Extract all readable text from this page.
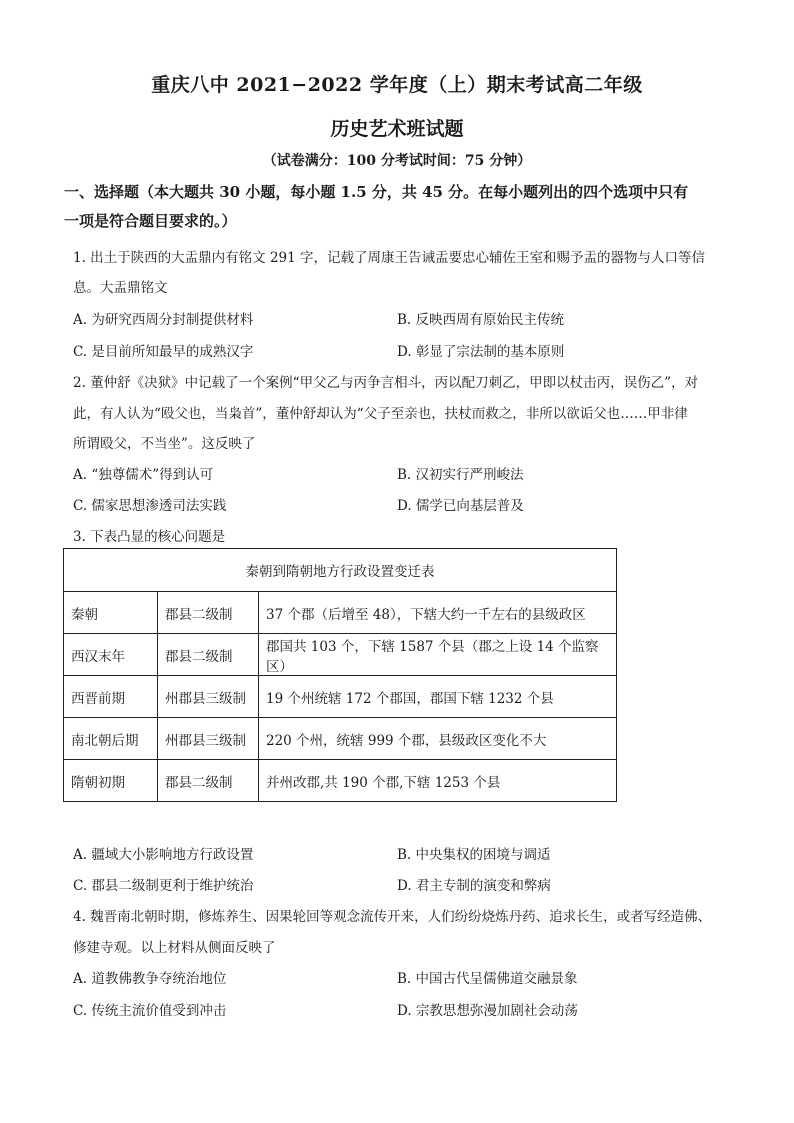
重庆八中 2021−2022 学年度（上）期末考试高二年级
历史艺术班试题
（试卷满分：100 分考试时间：75 分钟）
一、选择题（本大题共 30 小题，每小题 1.5 分，共 45 分。在每小题列出的四个选项中只有
一项是符合题目要求的。）
1. 出土于陕西的大盂鼎内有铭文 291 字，记载了周康王告诫盂要忠心辅佐王室和赐予盂的器物与人口等信
息。大盂鼎铭文
A. 为研究西周分封制提供材料	B. 反映西周有原始民主传统
C. 是目前所知最早的成熟汉字	D. 彰显了宗法制的基本原则
2. 董仲舒《决狱》中记载了一个案例“甲父乙与丙争言相斗，丙以配刀刺乙，甲即以杖击丙，误伤乙”，对
此，有人认为“殴父也，当枭首”，董仲舒却认为“父子至亲也，扶杖而救之，非所以欲诟父也……甲非律
所谓殴父，不当坐”。这反映了
A. “独尊儒术”得到认可	B. 汉初实行严刑峻法
C. 儒家思想渗透司法实践	D. 儒学已向基层普及
3. 下表凸显的核心问题是
秦朝到隋朝地方行政设置变迁表		
秦朝	郡县二级制	37 个郡（后增至 48），下辖大约一千左右的县级政区
西汉末年	郡县二级制	郡国共 103 个，下辖 1587 个县（郡之上设 14 个监察区）
西晋前期	州郡县三级制	19 个州统辖 172 个郡国，郡国下辖 1232 个县
南北朝后期	州郡县三级制	220 个州，统辖 999 个郡，县级政区变化不大
隋朝初期	郡县二级制	并州改郡,共 190 个郡,下辖 1253 个县
A. 疆域大小影响地方行政设置	B. 中央集权的困境与调适
C. 郡县二级制更利于维护统治	D. 君主专制的演变和弊病
4. 魏晋南北朝时期，修炼养生、因果轮回等观念流传开来，人们纷纷烧炼丹药、追求长生，或者写经造佛、
修建寺观。以上材料从侧面反映了
A. 道教佛教争夺统治地位	B. 中国古代呈儒佛道交融景象
C. 传统主流价值受到冲击	D. 宗教思想弥漫加剧社会动荡
